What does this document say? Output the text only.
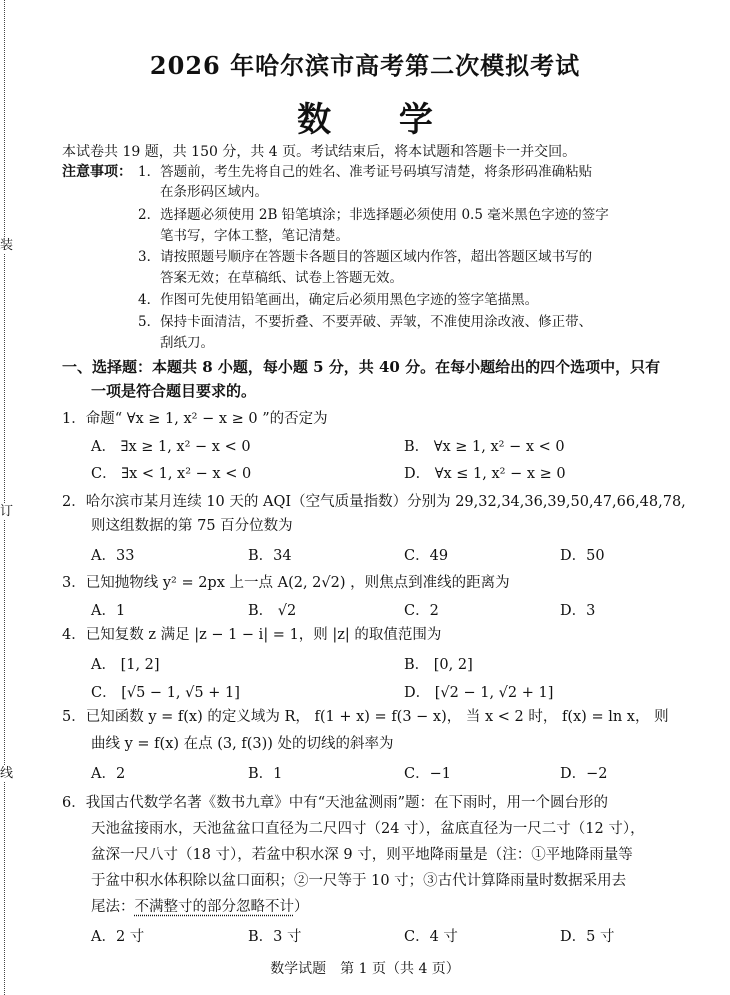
装
订
线
2026 年哈尔滨市高考第二次模拟考试
数 学
本试卷共 19 题，共 150 分，共 4 页。考试结束后，将本试题和答题卡一并交回。
注意事项： 1．答题前，考生先将自己的姓名、准考证号码填写清楚，将条形码准确粘贴
在条形码区域内。
2．选择题必须使用 2B 铅笔填涂；非选择题必须使用 0.5 毫米黑色字迹的签字
笔书写，字体工整，笔记清楚。
3．请按照题号顺序在答题卡各题目的答题区域内作答，超出答题区域书写的
答案无效；在草稿纸、试卷上答题无效。
4．作图可先使用铅笔画出，确定后必须用黑色字迹的签字笔描黑。
5．保持卡面清洁，不要折叠、不要弄破、弄皱，不准使用涂改液、修正带、
刮纸刀。
一、选择题：本题共 8 小题，每小题 5 分，共 40 分。在每小题给出的四个选项中，只有
一项是符合题目要求的。
1．命题“ ∀x ≥ 1, x² − x ≥ 0 ”的否定为
A． ∃x ≥ 1, x² − x < 0	B． ∀x ≥ 1, x² − x < 0
C． ∃x < 1, x² − x < 0	D． ∀x ≤ 1, x² − x ≥ 0
2．哈尔滨市某月连续 10 天的 AQI（空气质量指数）分别为 29,32,34,36,39,50,47,66,48,78,
则这组数据的第 75 百分位数为
A．33	B．34	C．49	D．50
3．已知抛物线 y² = 2px 上一点 A(2, 2√2) ，则焦点到准线的距离为
A．1	B． √2	C．2	D．3
4．已知复数 z 满足 |z − 1 − i| = 1，则 |z| 的取值范围为
A． [1, 2]	B． [0, 2]
C． [√5 − 1, √5 + 1]	D． [√2 − 1, √2 + 1]
5．已知函数 y = f(x) 的定义域为 R， f(1 + x) = f(3 − x)， 当 x < 2 时， f(x) = ln x， 则
曲线 y = f(x) 在点 (3, f(3)) 处的切线的斜率为
A．2	B．1	C．−1	D．−2
6．我国古代数学名著《数书九章》中有“天池盆测雨”题：在下雨时，用一个圆台形的
天池盆接雨水，天池盆盆口直径为二尺四寸（24 寸），盆底直径为一尺二寸（12 寸），
盆深一尺八寸（18 寸），若盆中积水深 9 寸，则平地降雨量是（注：①平地降雨量等
于盆中积水体积除以盆口面积；②一尺等于 10 寸；③古代计算降雨量时数据采用去
尾法：不满整寸的部分忽略不计）
A．2 寸	B．3 寸	C．4 寸	D．5 寸
数学试题　第 1 页（共 4 页）
